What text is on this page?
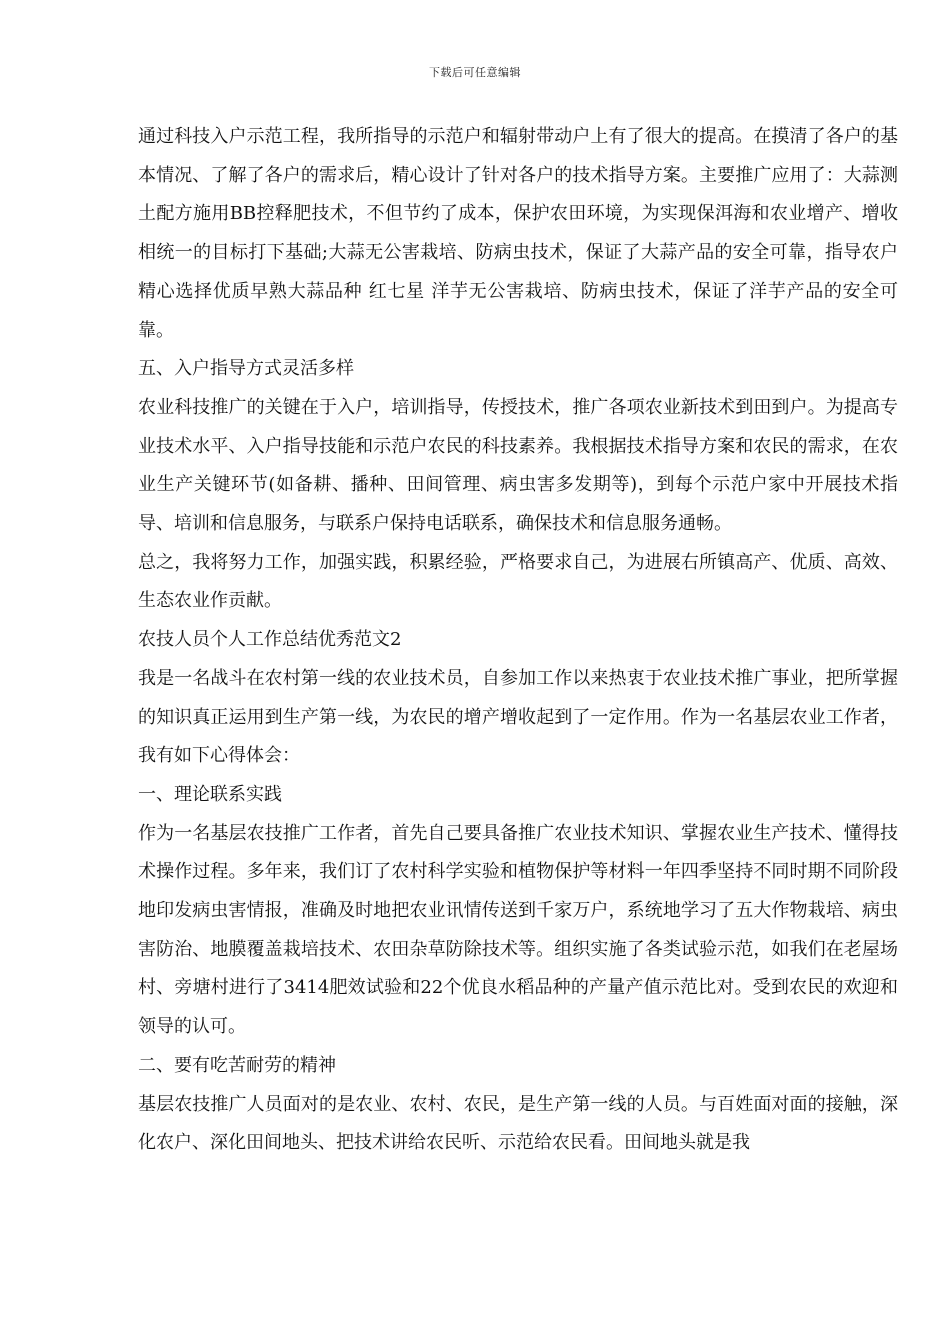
下载后可任意编辑

通过科技入户示范工程，我所指导的示范户和辐射带动户上有了很大的提高。在摸清了各户的基本情况、了解了各户的需求后，精心设计了针对各户的技术指导方案。主要推广应用了：大蒜测土配方施用BB控释肥技术，不但节约了成本，保护农田环境，为实现保洱海和农业增产、增收相统一的目标打下基础;大蒜无公害栽培、防病虫技术，保证了大蒜产品的安全可靠，指导农户精心选择优质早熟大蒜品种 红七星 洋芋无公害栽培、防病虫技术，保证了洋芋产品的安全可靠。

五、入户指导方式灵活多样

农业科技推广的关键在于入户，培训指导，传授技术，推广各项农业新技术到田到户。为提高专业技术水平、入户指导技能和示范户农民的科技素养。我根据技术指导方案和农民的需求，在农业生产关键环节(如备耕、播种、田间管理、病虫害多发期等)，到每个示范户家中开展技术指导、培训和信息服务，与联系户保持电话联系，确保技术和信息服务通畅。

总之，我将努力工作，加强实践，积累经验，严格要求自己，为进展右所镇高产、优质、高效、生态农业作贡献。

农技人员个人工作总结优秀范文2

我是一名战斗在农村第一线的农业技术员，自参加工作以来热衷于农业技术推广事业，把所掌握的知识真正运用到生产第一线，为农民的增产增收起到了一定作用。作为一名基层农业工作者，我有如下心得体会：

一、理论联系实践

作为一名基层农技推广工作者，首先自己要具备推广农业技术知识、掌握农业生产技术、懂得技术操作过程。多年来，我们订了农村科学实验和植物保护等材料一年四季坚持不同时期不同阶段地印发病虫害情报，准确及时地把农业讯情传送到千家万户，系统地学习了五大作物栽培、病虫害防治、地膜覆盖栽培技术、农田杂草防除技术等。组织实施了各类试验示范，如我们在老屋场村、旁塘村进行了3414肥效试验和22个优良水稻品种的产量产值示范比对。受到农民的欢迎和领导的认可。

二、要有吃苦耐劳的精神

基层农技推广人员面对的是农业、农村、农民，是生产第一线的人员。与百姓面对面的接触，深化农户、深化田间地头、把技术讲给农民听、示范给农民看。田间地头就是我
